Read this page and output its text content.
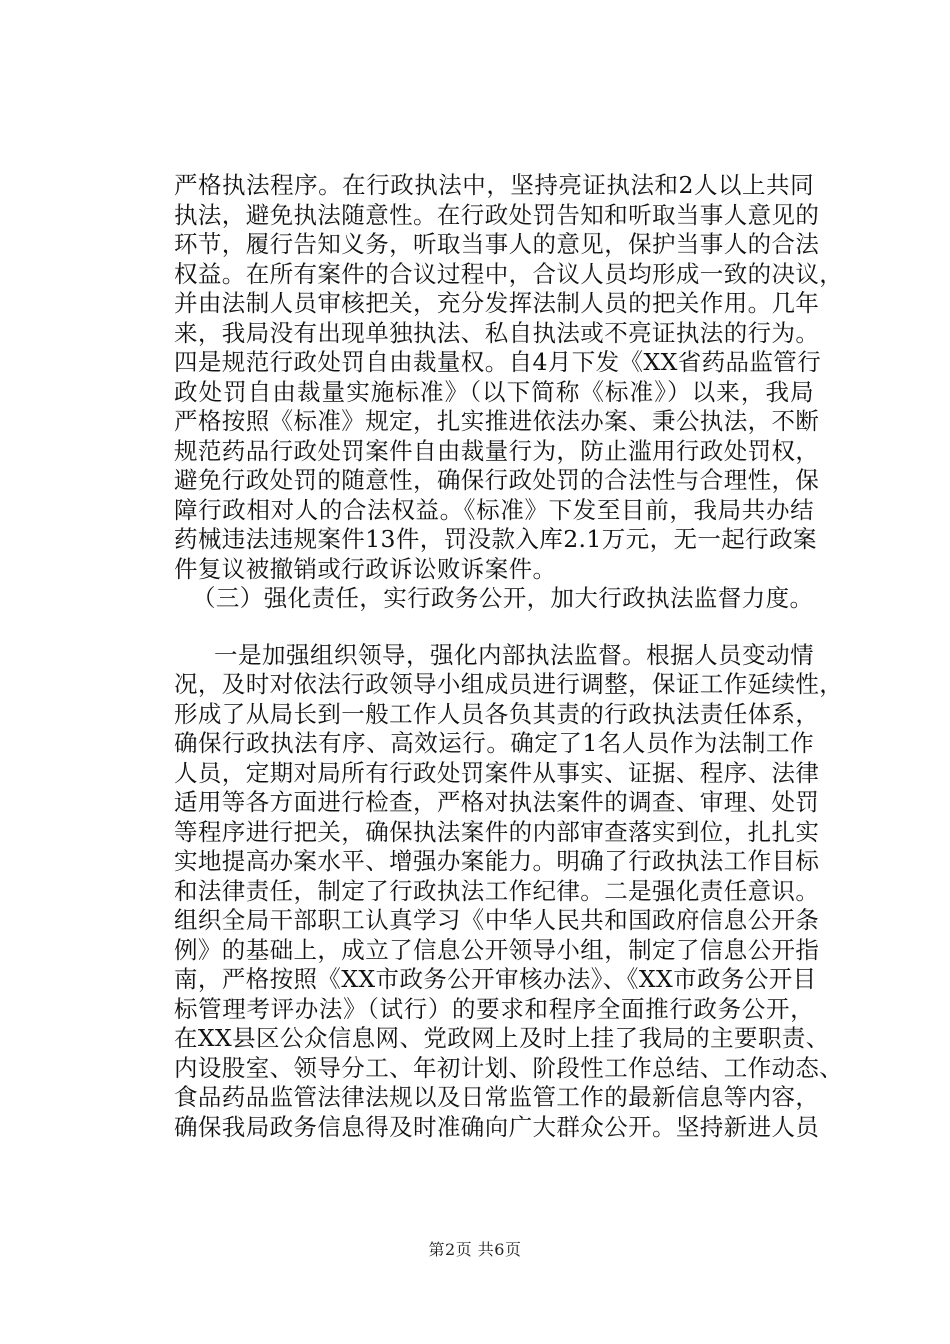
严格执法程序。在行政执法中，坚持亮证执法和2人以上共同
执法，避免执法随意性。在行政处罚告知和听取当事人意见的
环节，履行告知义务，听取当事人的意见，保护当事人的合法
权益。在所有案件的合议过程中，合议人员均形成一致的决议，
并由法制人员审核把关，充分发挥法制人员的把关作用。几年
来，我局没有出现单独执法、私自执法或不亮证执法的行为。
四是规范行政处罚自由裁量权。自4月下发《XX省药品监管行
政处罚自由裁量实施标准》（以下简称《标准》）以来，我局
严格按照《标准》规定，扎实推进依法办案、秉公执法，不断
规范药品行政处罚案件自由裁量行为，防止滥用行政处罚权，
避免行政处罚的随意性，确保行政处罚的合法性与合理性，保
障行政相对人的合法权益。《标准》下发至目前，我局共办结
药械违法违规案件13件，罚没款入库2.1万元，无一起行政案
件复议被撤销或行政诉讼败诉案件。
（三）强化责任，实行政务公开，加大行政执法监督力度。
一是加强组织领导，强化内部执法监督。根据人员变动情
况，及时对依法行政领导小组成员进行调整，保证工作延续性，
形成了从局长到一般工作人员各负其责的行政执法责任体系，
确保行政执法有序、高效运行。确定了1名人员作为法制工作
人员，定期对局所有行政处罚案件从事实、证据、程序、法律
适用等各方面进行检查，严格对执法案件的调查、审理、处罚
等程序进行把关，确保执法案件的内部审查落实到位，扎扎实
实地提高办案水平、增强办案能力。明确了行政执法工作目标
和法律责任，制定了行政执法工作纪律。二是强化责任意识。
组织全局干部职工认真学习《中华人民共和国政府信息公开条
例》的基础上，成立了信息公开领导小组，制定了信息公开指
南，严格按照《XX市政务公开审核办法》、《XX市政务公开目
标管理考评办法》（试行）的要求和程序全面推行政务公开，
在XX县区公众信息网、党政网上及时上挂了我局的主要职责、
内设股室、领导分工、年初计划、阶段性工作总结、工作动态、
食品药品监管法律法规以及日常监管工作的最新信息等内容，
确保我局政务信息得及时准确向广大群众公开。坚持新进人员
第2页 共6页
